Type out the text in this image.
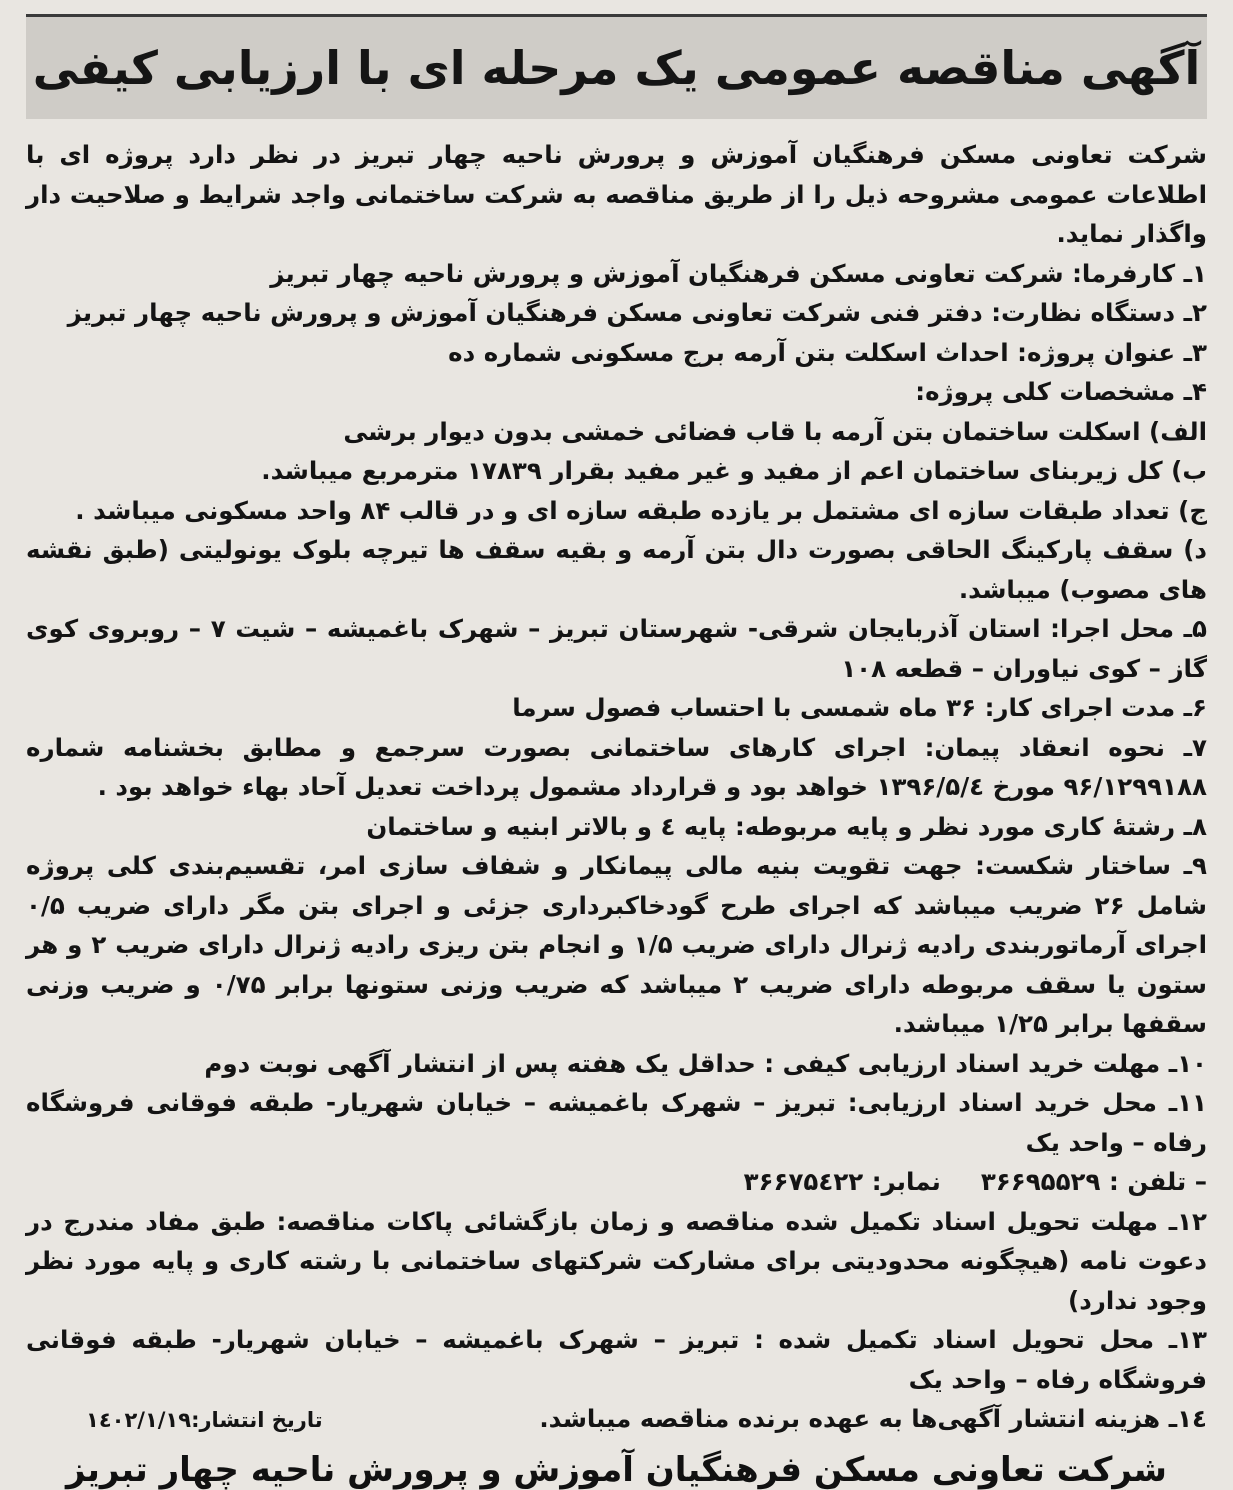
آگهی مناقصه عمومی یک مرحله ای با ارزیابی کیفی

شرکت تعاونی مسکن فرهنگیان آموزش و پرورش ناحیه چهار تبریز در نظر دارد پروژه ای با اطلاعات عمومی مشروحه ذیل را از طریق مناقصه به شرکت ساختمانی واجد شرایط و صلاحیت دار واگذار نماید.

۱ـ کارفرما: شرکت تعاونی مسکن فرهنگیان آموزش و پرورش ناحیه چهار تبریز

۲ـ دستگاه نظارت: دفتر فنی شرکت تعاونی مسکن فرهنگیان آموزش و پرورش ناحیه چهار تبریز

۳ـ عنوان پروژه: احداث اسکلت بتن آرمه برج مسکونی شماره ده

۴ـ مشخصات کلی پروژه:

الف) اسکلت ساختمان بتن آرمه با قاب فضائی خمشی بدون دیوار برشی

ب) کل زیربنای ساختمان اعم از مفید و غیر مفید بقرار ۱۷۸۳۹ مترمربع میباشد.

ج) تعداد طبقات سازه ای مشتمل بر یازده طبقه سازه ای و در قالب ۸۴ واحد مسکونی میباشد .

د) سقف پارکینگ الحاقی بصورت دال بتن آرمه و بقیه سقف ها تیرچه بلوک یونولیتی (طبق نقشه های مصوب) میباشد.

۵ـ محل اجرا: استان آذربایجان شرقی- شهرستان تبریز – شهرک باغمیشه – شیت ۷ – روبروی کوی گاز – کوی نیاوران – قطعه ۱۰۸

۶ـ مدت اجرای کار: ۳۶ ماه شمسی با احتساب فصول سرما

۷ـ نحوه انعقاد پیمان: اجرای کارهای ساختمانی بصورت سرجمع و مطابق بخشنامه شماره ۹۶/۱۲۹۹۱۸۸ مورخ ۱۳۹۶/۵/٤ خواهد بود و قرارداد مشمول پرداخت تعدیل آحاد بهاء خواهد بود .

۸ـ رشتۀ کاری مورد نظر و پایه مربوطه: پایه ٤ و بالاتر ابنیه و ساختمان

۹ـ ساختار شکست: جهت تقویت بنیه مالی پیمانکار و شفاف سازی امر، تقسیم‌بندی کلی پروژه شامل ۲۶ ضریب میباشد که اجرای طرح گودخاکبرداری جزئی و اجرای بتن مگر دارای ضریب ۰/۵ اجرای آرماتوربندی رادیه ژنرال دارای ضریب ۱/۵ و انجام بتن ریزی رادیه ژنرال دارای ضریب ۲ و هر ستون یا سقف مربوطه دارای ضریب ۲ میباشد که ضریب وزنی ستونها برابر ۰/۷۵ و ضریب وزنی سقفها برابر ۱/۲۵ میباشد.

۱۰ـ مهلت خرید اسناد ارزیابی کیفی : حداقل یک هفته پس از انتشار آگهی نوبت دوم

۱۱ـ محل خرید اسناد ارزیابی: تبریز – شهرک باغمیشه – خیابان شهریار- طبقه فوقانی فروشگاه رفاه – واحد یک

– تلفن : ۳۶۶۹۵۵۲۹
نمابر: ۳۶۶۷۵٤۲۲

۱۲ـ مهلت تحویل اسناد تکمیل شده مناقصه و زمان بازگشائی پاکات مناقصه: طبق مفاد مندرج در دعوت نامه (هیچگونه محدودیتی برای مشارکت شرکتهای ساختمانی با رشته کاری و پایه مورد نظر وجود ندارد)

۱۳ـ محل تحویل اسناد تکمیل شده : تبریز – شهرک باغمیشه – خیابان شهریار- طبقه فوقانی فروشگاه رفاه – واحد یک

۱٤ـ هزینه انتشار آگهی‌ها به عهده برنده مناقصه میباشد.
تاریخ انتشار:۱٤۰۲/۱/۱۹
شرکت تعاونی مسکن فرهنگیان آموزش و پرورش ناحیه چهار تبریز
